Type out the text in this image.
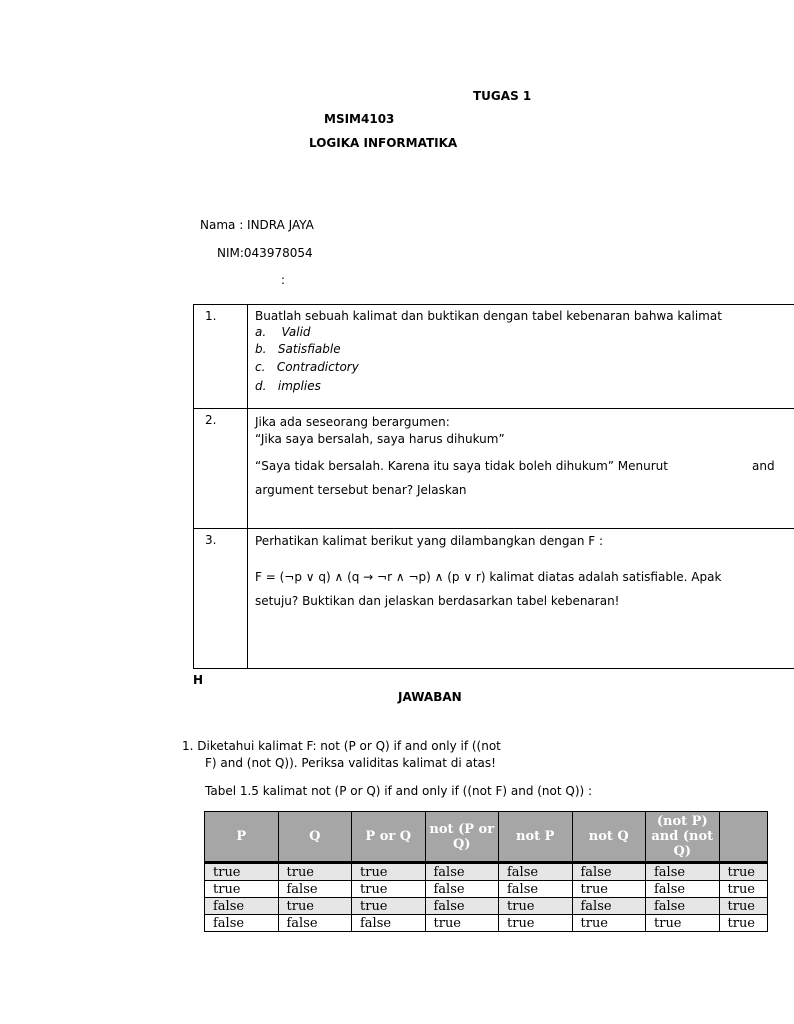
TUGAS 1
MSIM4103
LOGIKA INFORMATIKA
Nama : INDRA JAYA
NIM:043978054
:
1.	Buatlah sebuah kalimat dan buktikan dengan tabel kebenaran bahwa kalimat
a. Valid
b. Satisfiable
c. Contradictory
d. implies
2.	Jika ada seseorang berargumen:
“Jika saya bersalah, saya harus dihukum”
“Saya tidak bersalah. Karena itu saya tidak boleh dihukum” Menurut	and
argument tersebut benar? Jelaskan
3.	Perhatikan kalimat berikut yang dilambangkan dengan F :
F = (¬p ∨ q) ∧ (q → ¬r ∧ ¬p) ∧ (p ∨ r) kalimat diatas adalah satisfiable. Apak
setuju? Buktikan dan jelaskan berdasarkan tabel kebenaran!
H
JAWABAN
1. Diketahui kalimat F: not (P or Q) if and only if ((not
F) and (not Q)). Periksa validitas kalimat di atas!
Tabel 1.5 kalimat not (P or Q) if and only if ((not F) and (not Q)) :
P	Q	P or Q	not (P or Q)	not P	not Q	(not P) and (not Q)	
true	true	true	false	false	false	false	true
true	false	true	false	false	true	false	true
false	true	true	false	true	false	false	true
false	false	false	true	true	true	true	true
